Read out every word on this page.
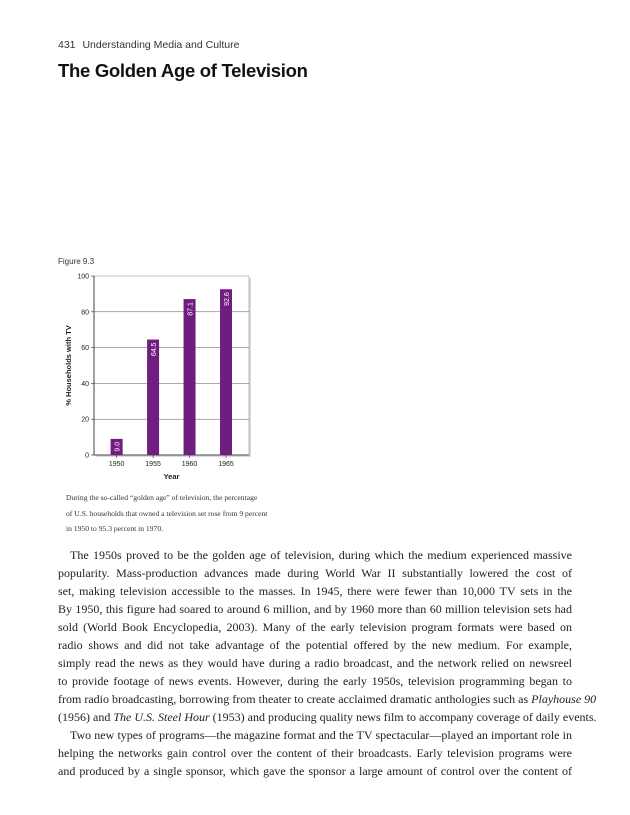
431 Understanding Media and Culture
The Golden Age of Television
Figure 9.3
0
20
40
60
80
100
9.0
1950
64.5
1955
87.1
1960
92.6
1965
Year
% Households with TV
During the so-called “golden age” of television, the percentage
of U.S. households that owned a television set rose from 9 percent
in 1950 to 95.3 percent in 1970.
The 1950s proved to be the golden age of television, during which the medium experienced massive
popularity. Mass-production advances made during World War II substantially lowered the cost of
set, making television accessible to the masses. In 1945, there were fewer than 10,000 TV sets in the
By 1950, this figure had soared to around 6 million, and by 1960 more than 60 million television sets had
sold (World Book Encyclopedia, 2003). Many of the early television program formats were based on
radio shows and did not take advantage of the potential offered by the new medium. For example,
simply read the news as they would have during a radio broadcast, and the network relied on newsreel
to provide footage of news events. However, during the early 1950s, television programming began to
from radio broadcasting, borrowing from theater to create acclaimed dramatic anthologies such as Playhouse 90
(1956) and The U.S. Steel Hour (1953) and producing quality news film to accompany coverage of daily events.
Two new types of programs—the magazine format and the TV spectacular—played an important role in
helping the networks gain control over the content of their broadcasts. Early television programs were
and produced by a single sponsor, which gave the sponsor a large amount of control over the content of
